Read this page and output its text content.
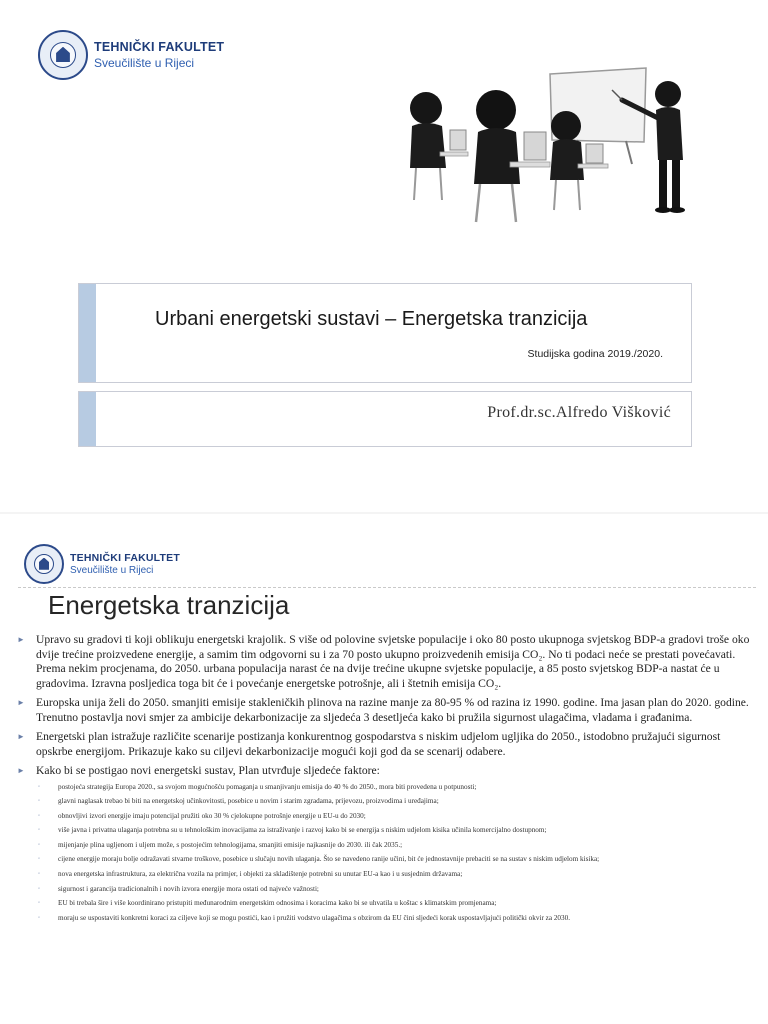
TEHNIČKI FAKULTET
Sveučilište u Rijeci
Urbani energetski sustavi – Energetska tranzicija
Studijska godina 2019./2020.
Prof.dr.sc.Alfredo Višković
TEHNIČKI FAKULTET
Sveučilište u Rijeci
Energetska tranzicija
► Upravo su gradovi ti koji oblikuju energetski krajolik. S više od polovine svjetske populacije i oko 80 posto ukupnoga svjetskog BDP-a gradovi troše oko dvije trećine proizvedene energije, a samim tim odgovorni su i za 70 posto ukupno proizvedenih emisija CO₂. No ti podaci neće se prestati povećavati. Prema nekim procjenama, do 2050. urbana populacija narast će na dvije trećine ukupne svjetske populacije, a 85 posto svjetskog BDP-a nastat će u gradovima. Izravna posljedica toga bit će i povećanje energetske potrošnje, ali i štetnih emisija CO₂.
► Europska unija želi do 2050. smanjiti emisije stakleničkih plinova na razine manje za 80-95 % od razina iz 1990. godine. Ima jasan plan do 2020. godine. Trenutno postavlja novi smjer za ambicije dekarbonizacije za sljedeća 3 desetljeća kako bi pružila sigurnost ulagačima, vladama i građanima.
► Energetski plan istražuje različite scenarije postizanja konkurentnog gospodarstva s niskim udjelom ugljika do 2050., istodobno pružajući sigurnost opskrbe energijom. Prikazuje kako su ciljevi dekarbonizacije mogući koji god da se scenarij odabere.
► Kako bi se postigao novi energetski sustav, Plan utvrđuje sljedeće faktore:
◦ postojeća strategija Europa 2020., sa svojom mogućnošću pomaganja u smanjivanju emisija do 40 % do 2050., mora biti provedena u potpunosti;
◦ glavni naglasak trebao bi biti na energetskoj učinkovitosti, posebice u novim i starim zgradama, prijevozu, proizvodima i uređajima;
◦ obnovljivi izvori energije imaju potencijal pružiti oko 30 % cjelokupne potrošnje energije u EU-u do 2030;
◦ više javna i privatna ulaganja potrebna su u tehnološkim inovacijama za istraživanje i razvoj kako bi se energija s niskim udjelom kisika učinila komercijalno dostupnom;
◦ mijenjanje plina ugljenom i uljem može, s postojećim tehnologijama, smanjiti emisije najkasnije do 2030. ili čak 2035.;
◦ cijene energije moraju bolje odražavati stvarne troškove, posebice u slučaju novih ulaganja. Što se navedeno ranije učini, bit će jednostavnije prebaciti se na sustav s niskim udjelom kisika;
◦ nova energetska infrastruktura, za električna vozila na primjer, i objekti za skladištenje potrebni su unutar EU-a kao i u susjednim državama;
◦ sigurnost i garancija tradicionalnih i novih izvora energije mora ostati od najveće važnosti;
◦ EU bi trebala šire i više koordinirano pristupiti međunarodnim energetskim odnosima i koracima kako bi se uhvatila u koštac s klimatskim promjenama;
◦ moraju se uspostaviti konkretni koraci za ciljeve koji se mogu postići, kao i pružiti vodstvo ulagačima s obzirom da EU čini sljedeći korak uspostavljajući politički okvir za 2030.
